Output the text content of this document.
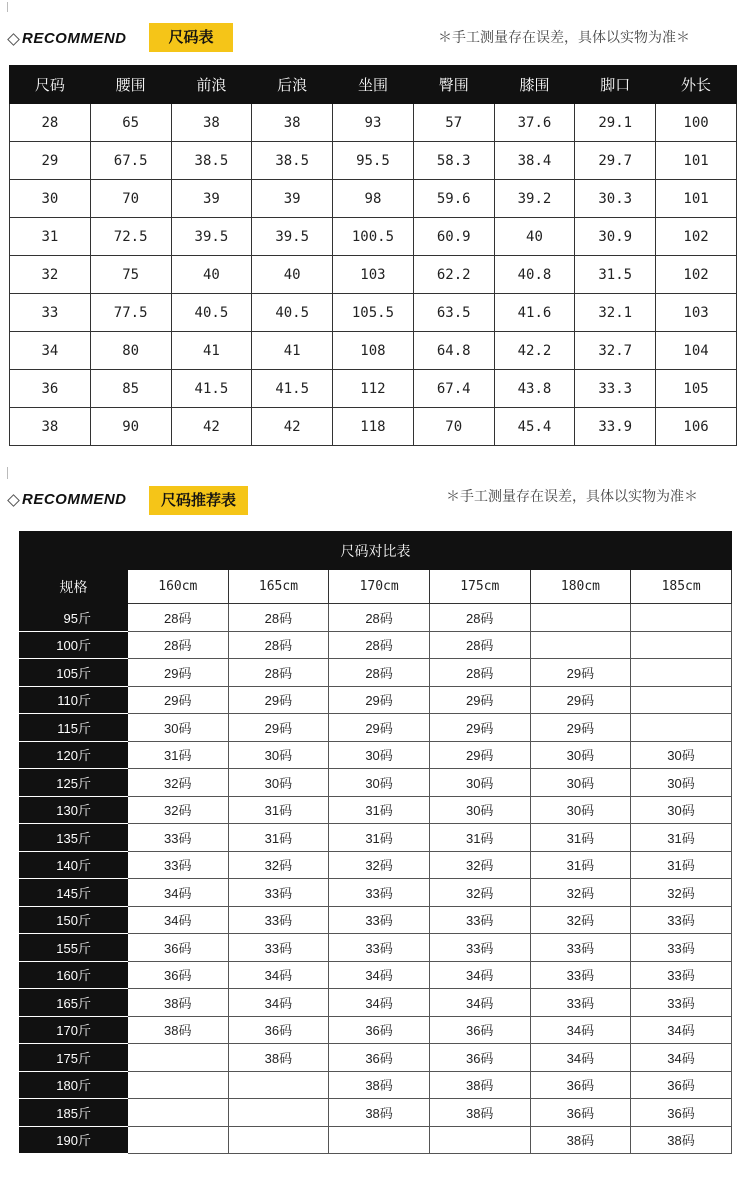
RECOMMEND	尺码表	＊手工测量存在误差，具体以实物为准＊
尺码	腰围	前浪	后浪	坐围	臀围	膝围	脚口	外长
28	65	38	38	93	57	37.6	29.1	100
29	67.5	38.5	38.5	95.5	58.3	38.4	29.7	101
30	70	39	39	98	59.6	39.2	30.3	101
31	72.5	39.5	39.5	100.5	60.9	40	30.9	102
32	75	40	40	103	62.2	40.8	31.5	102
33	77.5	40.5	40.5	105.5	63.5	41.6	32.1	103
34	80	41	41	108	64.8	42.2	32.7	104
36	85	41.5	41.5	112	67.4	43.8	33.3	105
38	90	42	42	118	70	45.4	33.9	106
RECOMMEND	尺码推荐表	＊手工测量存在误差，具体以实物为准＊
尺码对比表						
规格	160cm	165cm	170cm	175cm	180cm	185cm
95斤	28码	28码	28码	28码		
100斤	28码	28码	28码	28码		
105斤	29码	28码	28码	28码	29码	
110斤	29码	29码	29码	29码	29码	
115斤	30码	29码	29码	29码	29码	
120斤	31码	30码	30码	29码	30码	30码
125斤	32码	30码	30码	30码	30码	30码
130斤	32码	31码	31码	30码	30码	30码
135斤	33码	31码	31码	31码	31码	31码
140斤	33码	32码	32码	32码	31码	31码
145斤	34码	33码	33码	32码	32码	32码
150斤	34码	33码	33码	33码	32码	33码
155斤	36码	33码	33码	33码	33码	33码
160斤	36码	34码	34码	34码	33码	33码
165斤	38码	34码	34码	34码	33码	33码
170斤	38码	36码	36码	36码	34码	34码
175斤		38码	36码	36码	34码	34码
180斤			38码	38码	36码	36码
185斤			38码	38码	36码	36码
190斤					38码	38码
